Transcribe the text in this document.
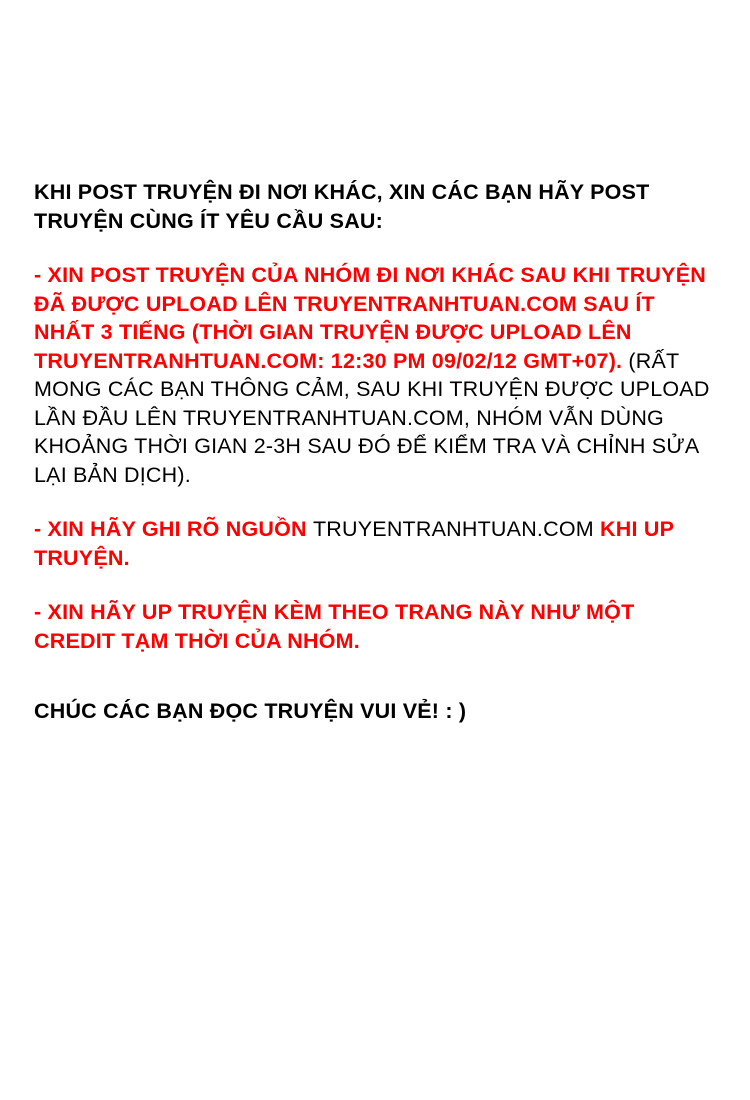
KHI POST TRUYỆN ĐI NƠI KHÁC, XIN CÁC BẠN HÃY POST TRUYỆN CÙNG ÍT YÊU CẦU SAU:

- XIN POST TRUYỆN CỦA NHÓM ĐI NƠI KHÁC SAU KHI TRUYỆN ĐÃ ĐƯỢC UPLOAD LÊN TRUYENTRANHTUAN.COM SAU ÍT NHẤT 3 TIẾNG (THỜI GIAN TRUYỆN ĐƯỢC UPLOAD LÊN TRUYENTRANHTUAN.COM: 12:30 PM 09/02/12 GMT+07). (RẤT MONG CÁC BẠN THÔNG CẢM, SAU KHI TRUYỆN ĐƯỢC UPLOAD LẦN ĐẦU LÊN TRUYENTRANHTUAN.COM, NHÓM VẪN DÙNG KHOẢNG THỜI GIAN 2-3H SAU ĐÓ ĐỂ KIỂM TRA VÀ CHỈNH SỬA LẠI BẢN DỊCH).

- XIN HÃY GHI RÕ NGUỒN TRUYENTRANHTUAN.COM KHI UP TRUYỆN.

- XIN HÃY UP TRUYỆN KÈM THEO TRANG NÀY NHƯ MỘT CREDIT TẠM THỜI CỦA NHÓM.

CHÚC CÁC BẠN ĐỌC TRUYỆN VUI VẺ! : )
